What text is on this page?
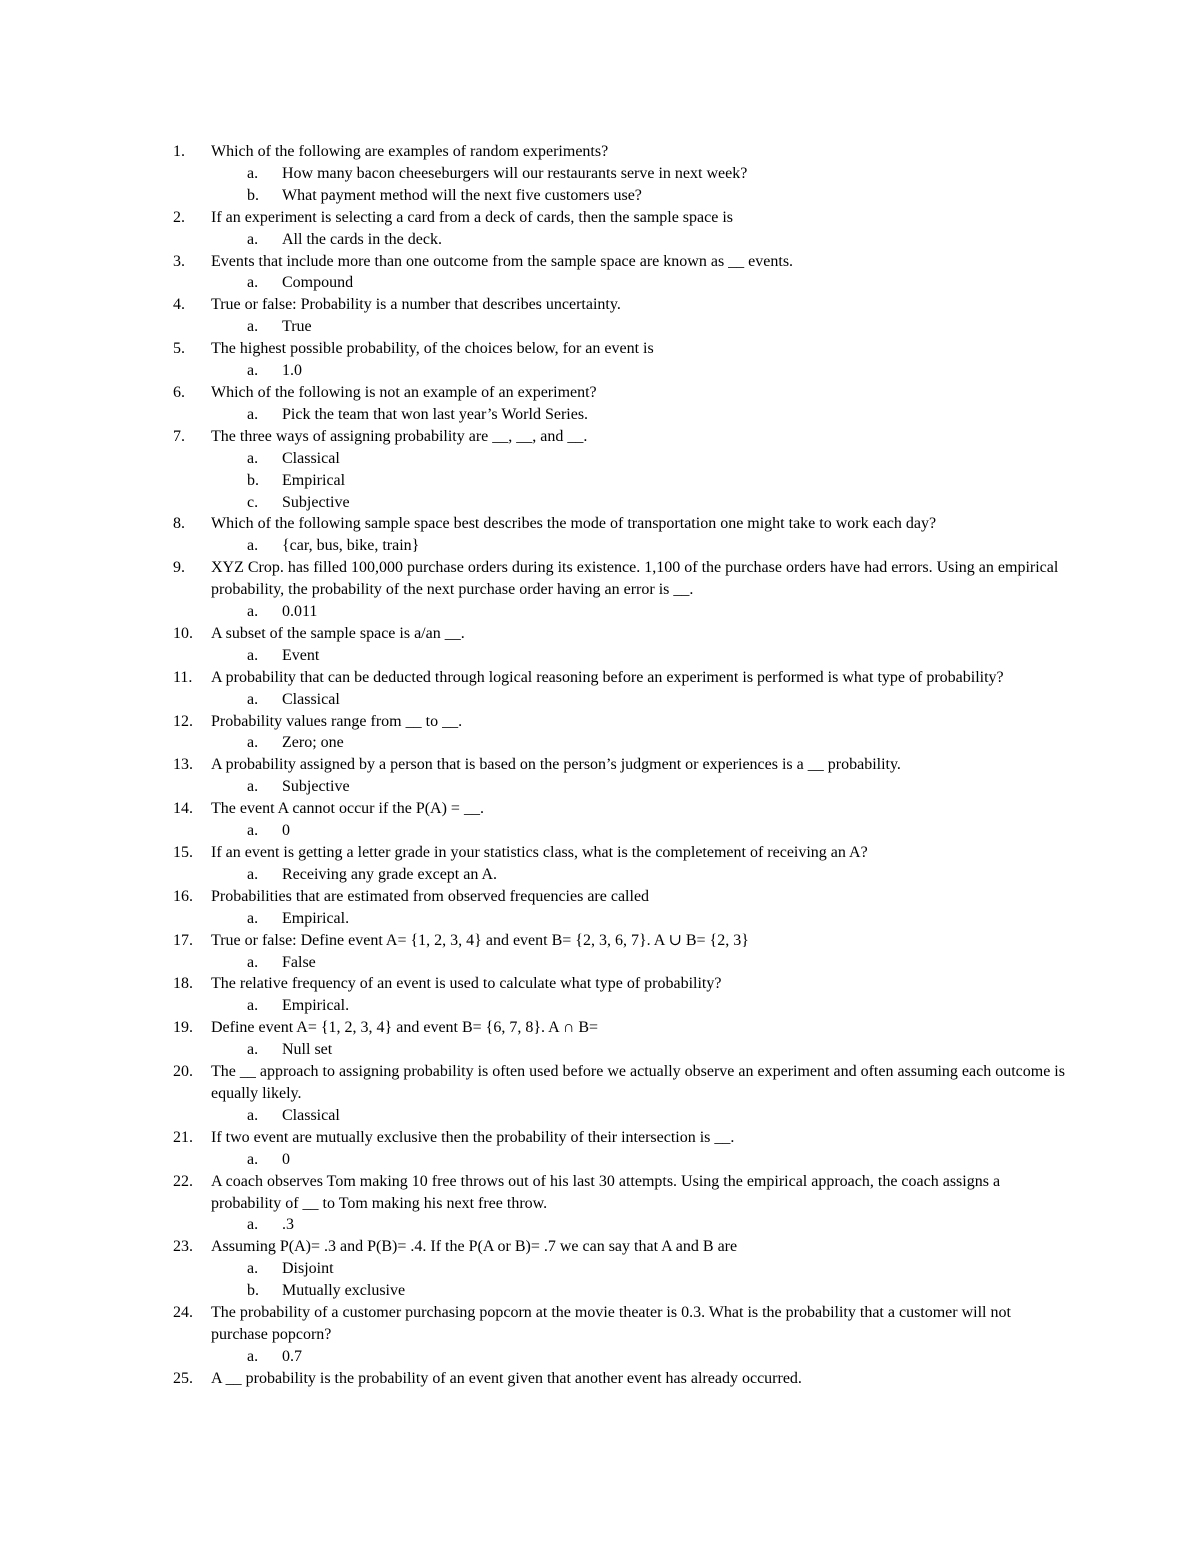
1.	Which of the following are examples of random experiments?
a. How many bacon cheeseburgers will our restaurants serve in next week?
b. What payment method will the next five customers use?
2.	If an experiment is selecting a card from a deck of cards, then the sample space is
a. All the cards in the deck.
3.	Events that include more than one outcome from the sample space are known as __ events.
a. Compound
4.	True or false: Probability is a number that describes uncertainty.
a. True
5.	The highest possible probability, of the choices below, for an event is
a. 1.0
6.	Which of the following is not an example of an experiment?
a. Pick the team that won last year’s World Series.
7.	The three ways of assigning probability are __, __, and __.
a. Classical
b. Empirical
c. Subjective
8.	Which of the following sample space best describes the mode of transportation one might take to work each day?
a. {car, bus, bike, train}
9.	XYZ Crop. has filled 100,000 purchase orders during its existence. 1,100 of the purchase orders have had errors. Using an empirical probability, the probability of the next purchase order having an error is __.
a. 0.011
10.	A subset of the sample space is a/an __.
a. Event
11.	A probability that can be deducted through logical reasoning before an experiment is performed is what type of probability?
a. Classical
12.	Probability values range from __ to __.
a. Zero; one
13.	A probability assigned by a person that is based on the person’s judgment or experiences is a __ probability.
a. Subjective
14.	The event A cannot occur if the P(A) = __.
a. 0
15.	If an event is getting a letter grade in your statistics class, what is the completement of receiving an A?
a. Receiving any grade except an A.
16.	Probabilities that are estimated from observed frequencies are called
a. Empirical.
17.	True or false: Define event A= {1, 2, 3, 4} and event B= {2, 3, 6, 7}. A ∪ B= {2, 3}
a. False
18.	The relative frequency of an event is used to calculate what type of probability?
a. Empirical.
19.	Define event A= {1, 2, 3, 4} and event B= {6, 7, 8}. A ∩ B=
a. Null set
20.	The __ approach to assigning probability is often used before we actually observe an experiment and often assuming each outcome is equally likely.
a. Classical
21.	If two event are mutually exclusive then the probability of their intersection is __.
a. 0
22.	A coach observes Tom making 10 free throws out of his last 30 attempts. Using the empirical approach, the coach assigns a probability of __ to Tom making his next free throw.
a. .3
23.	Assuming P(A)= .3 and P(B)= .4. If the P(A or B)= .7 we can say that A and B are
a. Disjoint
b. Mutually exclusive
24.	The probability of a customer purchasing popcorn at the movie theater is 0.3. What is the probability that a customer will not purchase popcorn?
a. 0.7
25.	A __ probability is the probability of an event given that another event has already occurred.
